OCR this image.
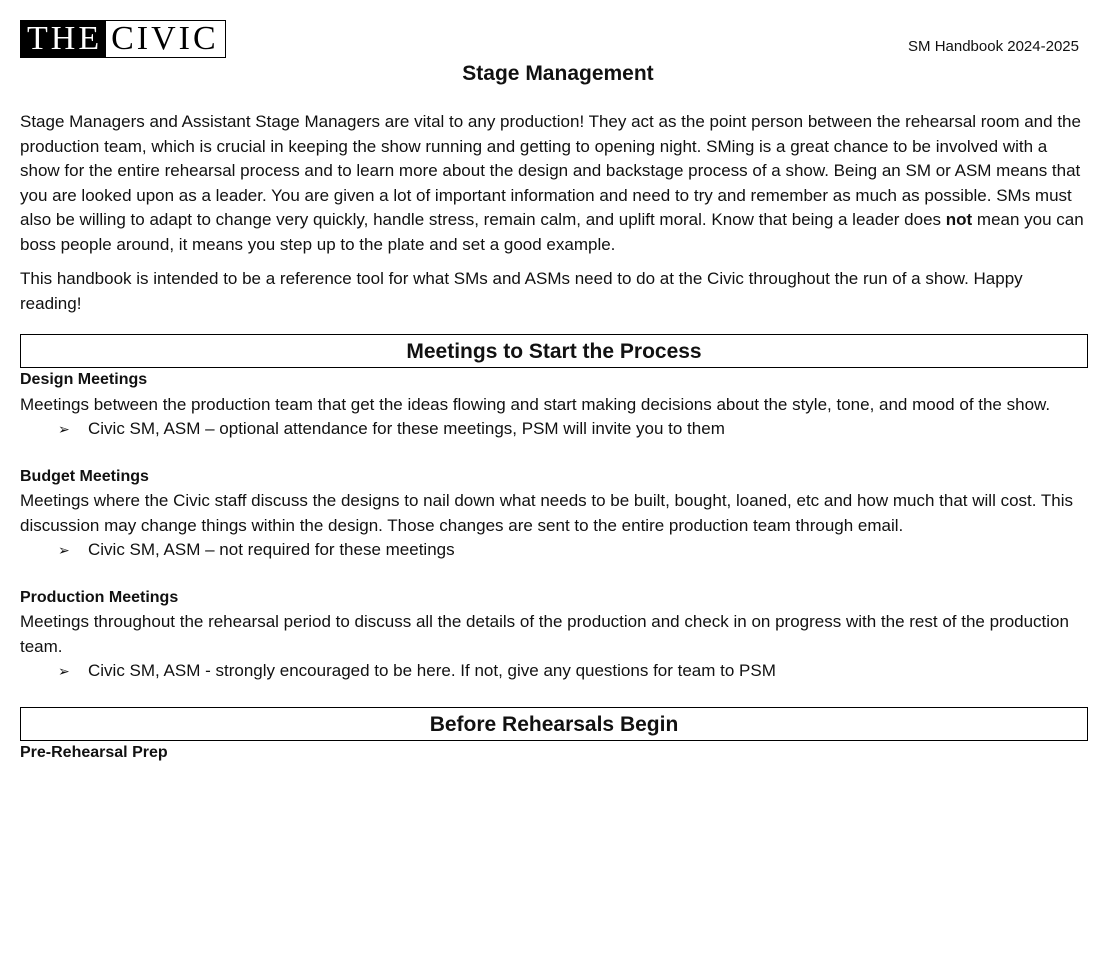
THE CIVIC	SM Handbook 2024-2025
Stage Management

Stage Managers and Assistant Stage Managers are vital to any production! They act as the point person between the rehearsal room and the production team, which is crucial in keeping the show running and getting to opening night. SMing is a great chance to be involved with a show for the entire rehearsal process and to learn more about the design and backstage process of a show. Being an SM or ASM means that you are looked upon as a leader. You are given a lot of important information and need to try and remember as much as possible. SMs must also be willing to adapt to change very quickly, handle stress, remain calm, and uplift moral. Know that being a leader does not mean you can boss people around, it means you step up to the plate and set a good example.

This handbook is intended to be a reference tool for what SMs and ASMs need to do at the Civic throughout the run of a show. Happy reading!

Meetings to Start the Process
Design Meetings

Meetings between the production team that get the ideas flowing and start making decisions about the style, tone, and mood of the show.

➢	Civic SM, ASM – optional attendance for these meetings, PSM will invite you to them
Budget Meetings

Meetings where the Civic staff discuss the designs to nail down what needs to be built, bought, loaned, etc and how much that will cost. This discussion may change things within the design. Those changes are sent to the entire production team through email.

➢	Civic SM, ASM – not required for these meetings
Production Meetings

Meetings throughout the rehearsal period to discuss all the details of the production and check in on progress with the rest of the production team.

➢	Civic SM, ASM - strongly encouraged to be here. If not, give any questions for team to PSM
Before Rehearsals Begin
Pre-Rehearsal Prep
